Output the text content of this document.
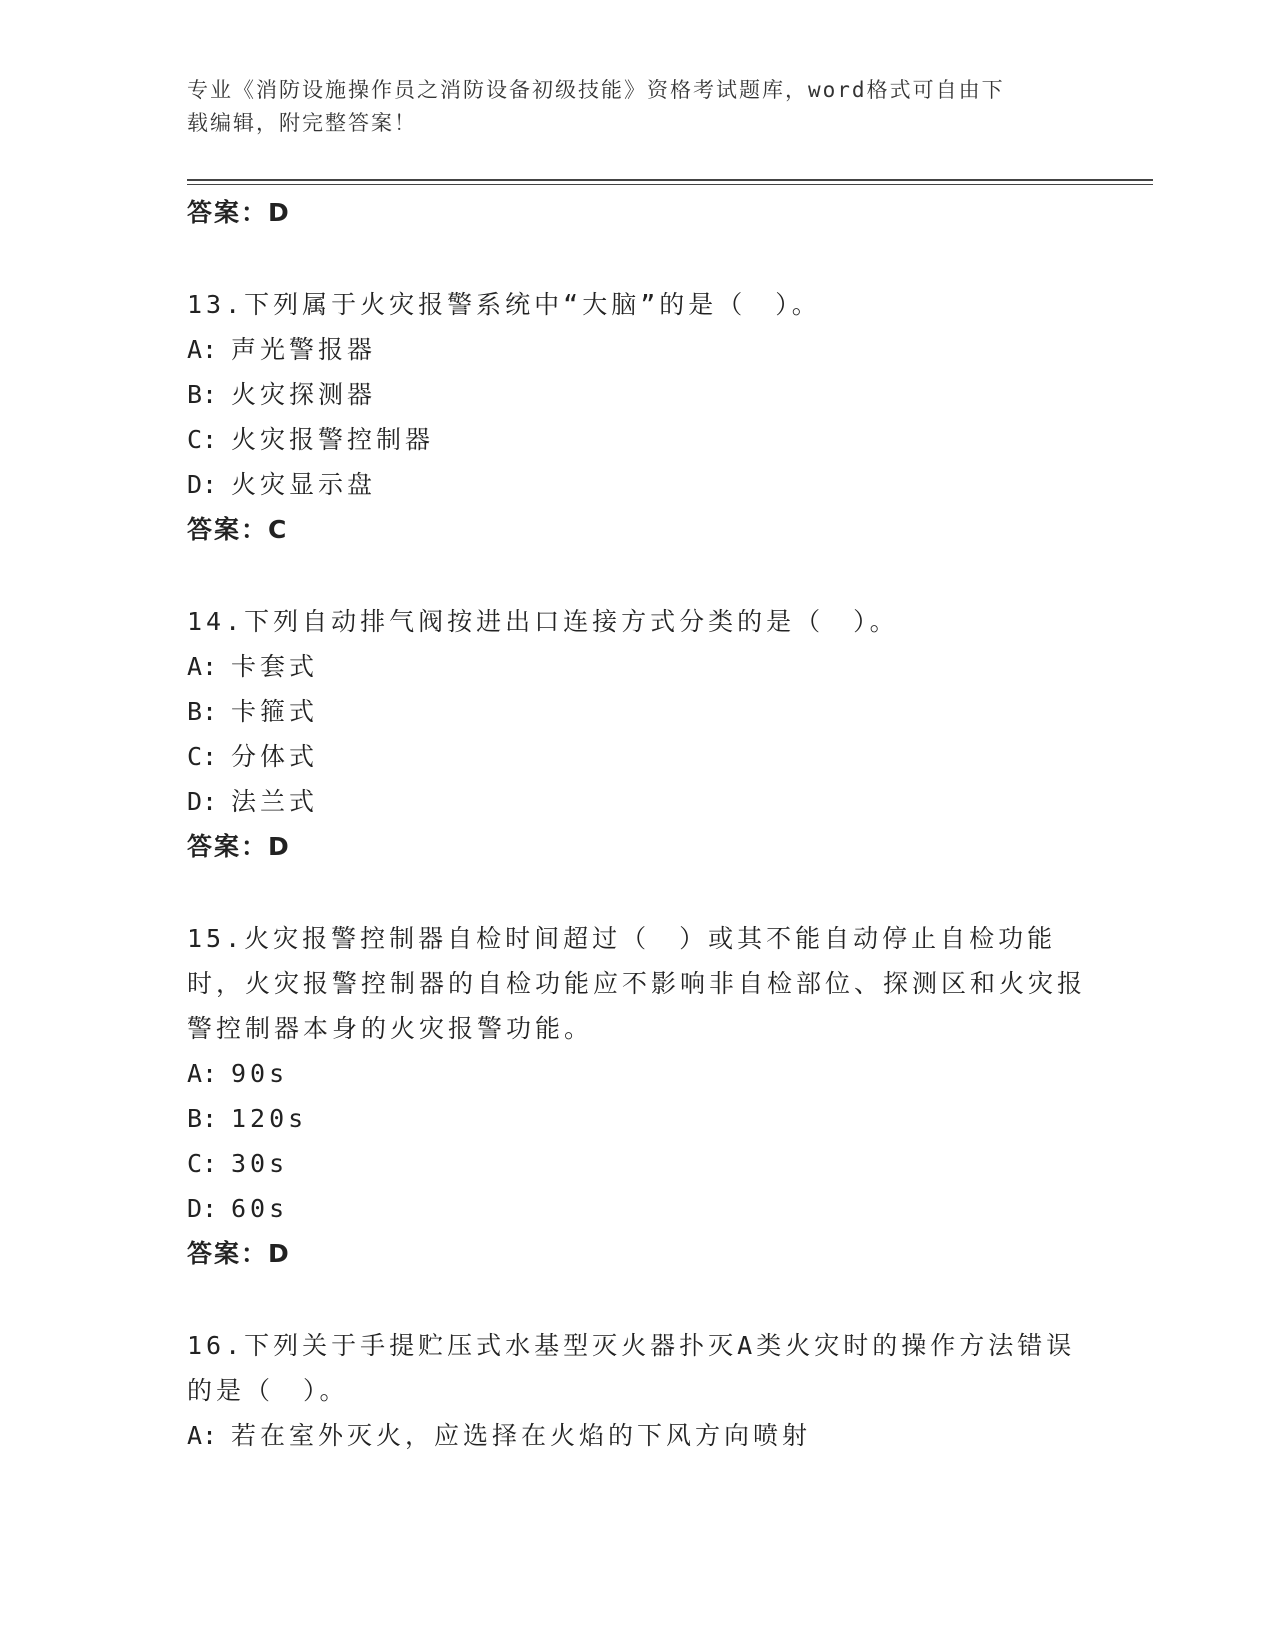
专业《消防设施操作员之消防设备初级技能》资格考试题库，word格式可自由下
载编辑，附完整答案！
答案：D
13.下列属于火灾报警系统中“大脑”的是（　）。
A: 声光警报器
B: 火灾探测器
C: 火灾报警控制器
D: 火灾显示盘
答案：C
14.下列自动排气阀按进出口连接方式分类的是（　）。
A: 卡套式
B: 卡箍式
C: 分体式
D: 法兰式
答案：D
15.火灾报警控制器自检时间超过（　）或其不能自动停止自检功能时，火灾报警控制器的自检功能应不影响非自检部位、探测区和火灾报警控制器本身的火灾报警功能。
A: 90s
B: 120s
C: 30s
D: 60s
答案：D
16.下列关于手提贮压式水基型灭火器扑灭A类火灾时的操作方法错误的是（　）。
A: 若在室外灭火，应选择在火焰的下风方向喷射
